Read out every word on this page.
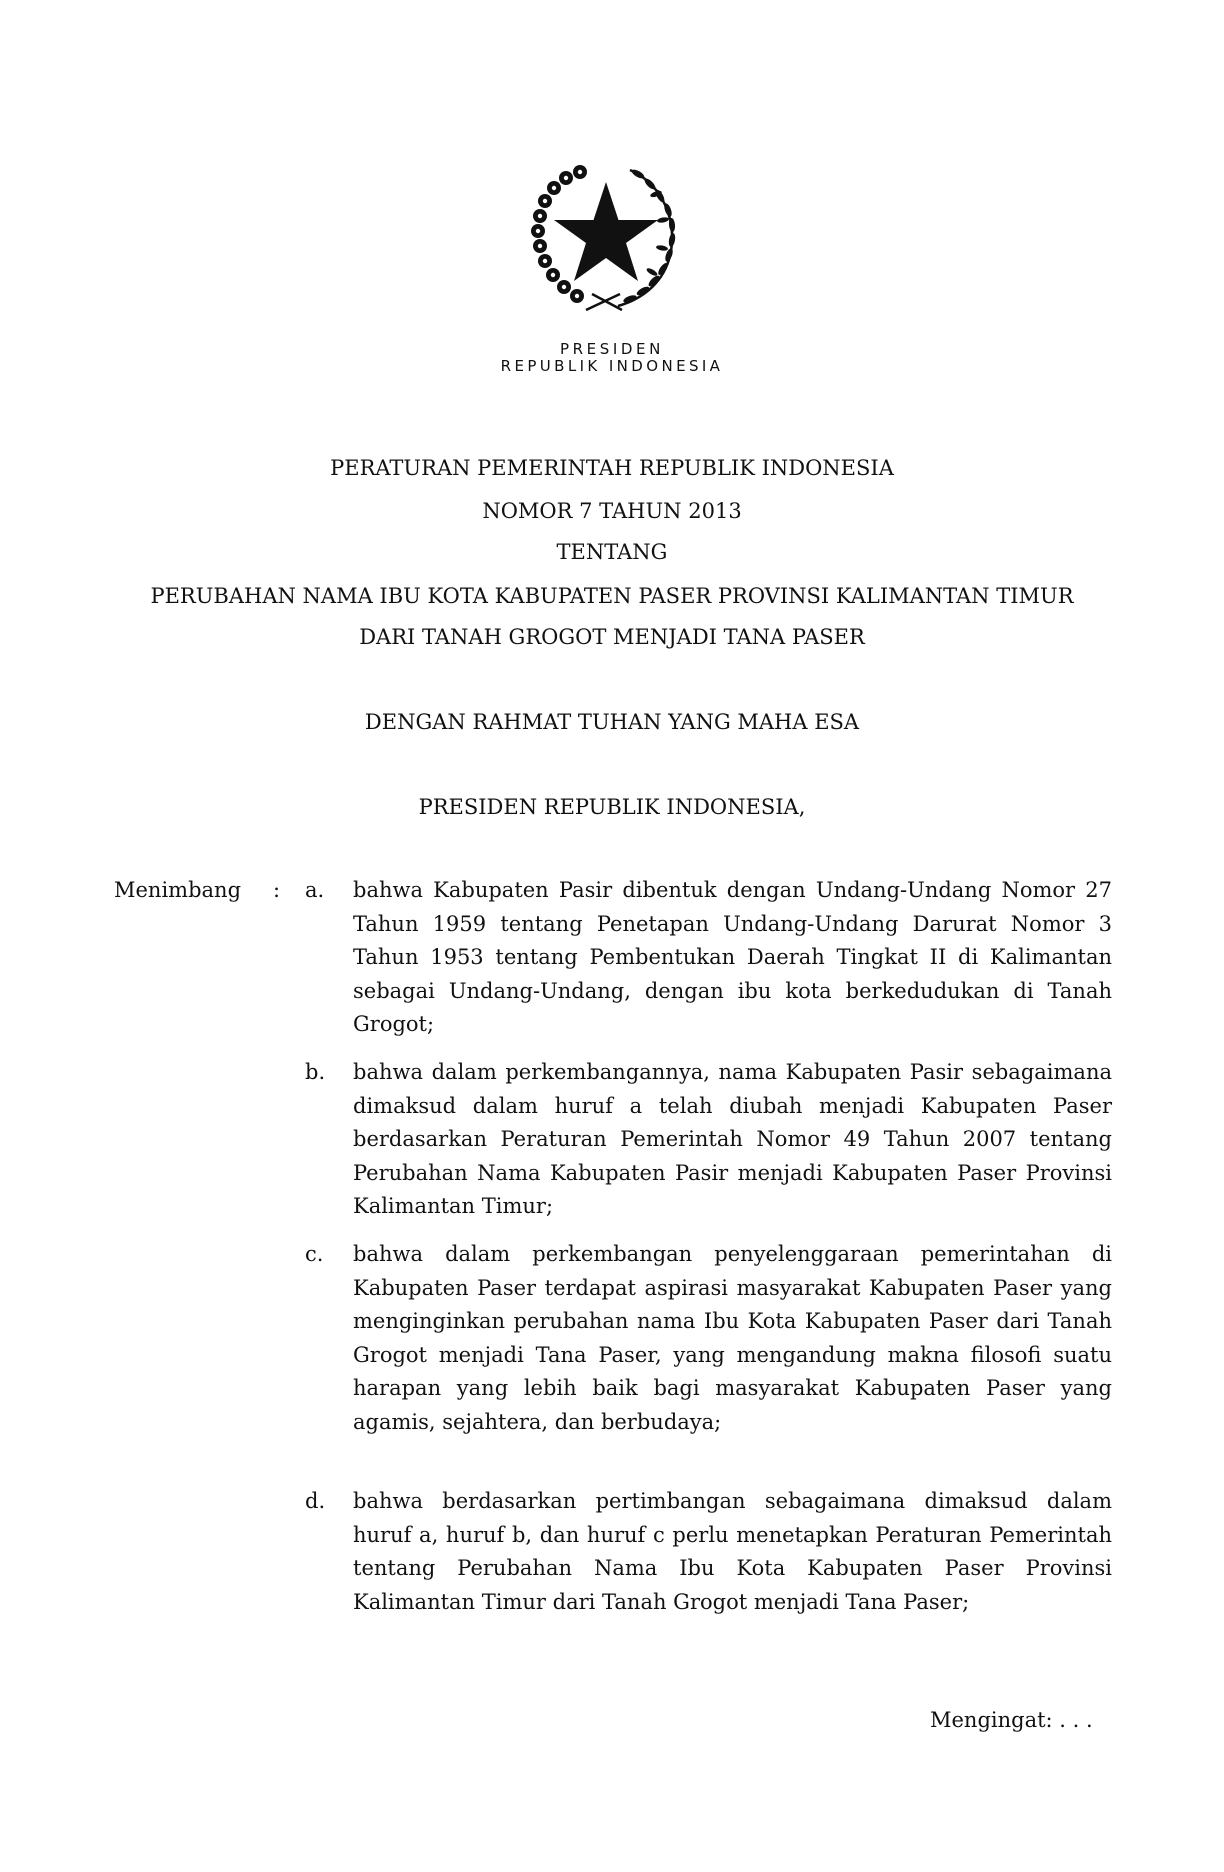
PRESIDEN
REPUBLIK INDONESIA
PERATURAN PEMERINTAH REPUBLIK INDONESIA
NOMOR 7 TAHUN 2013
TENTANG
PERUBAHAN NAMA IBU KOTA KABUPATEN PASER PROVINSI KALIMANTAN TIMUR
DARI TANAH GROGOT MENJADI TANA PASER
DENGAN RAHMAT TUHAN YANG MAHA ESA
PRESIDEN REPUBLIK INDONESIA,
Menimbang : a. bahwa Kabupaten Pasir dibentuk dengan Undang-Undang Nomor 27 Tahun 1959 tentang Penetapan Undang-Undang Darurat Nomor 3 Tahun 1953 tentang Pembentukan Daerah Tingkat II di Kalimantan sebagai Undang-Undang, dengan ibu kota berkedudukan di Tanah Grogot;
b. bahwa dalam perkembangannya, nama Kabupaten Pasir sebagaimana dimaksud dalam huruf a telah diubah menjadi Kabupaten Paser berdasarkan Peraturan Pemerintah Nomor 49 Tahun 2007 tentang Perubahan Nama Kabupaten Pasir menjadi Kabupaten Paser Provinsi Kalimantan Timur;
c. bahwa dalam perkembangan penyelenggaraan pemerintahan di Kabupaten Paser terdapat aspirasi masyarakat Kabupaten Paser yang menginginkan perubahan nama Ibu Kota Kabupaten Paser dari Tanah Grogot menjadi Tana Paser, yang mengandung makna filosofi suatu harapan yang lebih baik bagi masyarakat Kabupaten Paser yang agamis, sejahtera, dan berbudaya;
d. bahwa berdasarkan pertimbangan sebagaimana dimaksud dalam huruf a, huruf b, dan huruf c perlu menetapkan Peraturan Pemerintah tentang Perubahan Nama Ibu Kota Kabupaten Paser Provinsi Kalimantan Timur dari Tanah Grogot menjadi Tana Paser;
Mengingat: . . .
